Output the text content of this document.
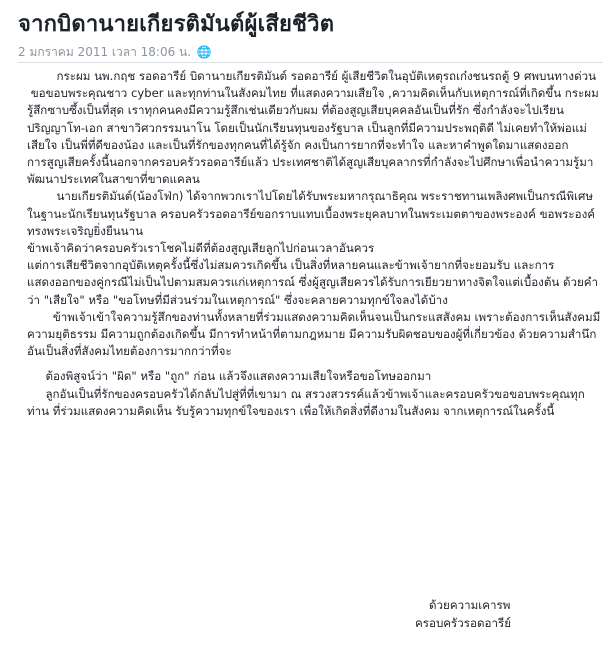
จากบิดานายเกียรติมันต์ผู้เสียชีวิต
2 มกราคม 2011 เวลา 18:06 น. 🌐

กระผม นพ.กฤช รอดอารีย์ บิดานายเกียรติมันต์ รอดอารีย์ ผู้เสียชีวิตในอุบัติเหตุรถเก๋งชนรถตู้ 9 ศพบนทางด่วน

ขอขอบพระคุณชาว cyber และทุกท่านในสังคมไทย ที่แสดงความเสียใจ ,ความคิดเห็นกับเหตุการณ์ที่เกิดขึ้น กระผมรู้สึกซาบซึ้งเป็นที่สุด เราทุกคนคงมีความรู้สึกเช่นเดียวกับผม ที่ต้องสูญเสียบุคคลอันเป็นที่รัก ซึ่งกำลังจะไปเรียนปริญญาโท-เอก สาขาวิศวกรรมนาโน โดยเป็นนักเรียนทุนของรัฐบาล เป็นลูกที่มีความประพฤติดี ไม่เคยทำให้พ่อแม่เสียใจ เป็นพี่ที่ดีของน้อง และเป็นที่รักของทุกคนที่ได้รู้จัก คงเป็นการยากที่จะทำใจ และหาคำพูดใดมาแสดงออก

การสูญเสียครั้งนี้นอกจากครอบครัวรอดอารีย์แล้ว ประเทศชาติได้สูญเสียบุคลากรที่กำลังจะไปศึกษาเพื่อนำความรู้มาพัฒนาประเทศในสาขาที่ขาดแคลน

นายเกียรติมันต์(น้องโฟ่ก) ได้จากพวกเราไปโดยได้รับพระมหากรุณาธิคุณ พระราชทานเพลิงศพเป็นกรณีพิเศษในฐานะนักเรียนทุนรัฐบาล ครอบครัวรอดอารีย์ขอกราบแทบเบื้องพระยุคลบาทในพระเมตตาของพระองค์ ขอพระองค์ทรงพระเจริญยิ่งยืนนาน

ข้าพเจ้าคิดว่าครอบครัวเราโชคไม่ดีที่ต้องสูญเสียลูกไปก่อนเวลาอันควร

แต่การเสียชีวิตจากอุบัติเหตุครั้งนี้ซึ่งไม่สมควรเกิดขึ้น เป็นสิ่งที่หลายคนและข้าพเจ้ายากที่จะยอมรับ และการแสดงออกของคู่กรณีไม่เป็นไปตามสมควรแก่เหตุการณ์ ซึ่งผู้สูญเสียควรได้รับการเยียวยาทางจิตใจแต่เบื้องต้น ด้วยคำว่า "เสียใจ" หรือ "ขอโทษที่มีส่วนร่วมในเหตุการณ์" ซึ่งจะคลายความทุกข์ใจลงได้บ้าง

ข้าพเจ้าเข้าใจความรู้สึกของท่านทั้งหลายที่ร่วมแสดงความคิดเห็นจนเป็นกระแสสังคม เพราะต้องการเห็นสังคมมีความยุติธรรม มีความถูกต้องเกิดขึ้น มีการทำหน้าที่ตามกฎหมาย มีความรับผิดชอบของผู้ที่เกี่ยวข้อง ด้วยความสำนึก อันเป็นสิ่งที่สังคมไทยต้องการมากกว่าที่จะ

ต้องพิสูจน์ว่า "ผิด" หรือ "ถูก" ก่อน แล้วจึงแสดงความเสียใจหรือขอโทษออกมา

ลูกอันเป็นที่รักของครอบครัวได้กลับไปสู่ที่ที่เขามา ณ สรวงสวรรค์แล้วข้าพเจ้าและครอบครัวขอขอบพระคุณทุกท่าน ที่ร่วมแสดงความคิดเห็น รับรู้ความทุกข์ใจของเรา เพื่อให้เกิดสิ่งที่ดีงามในสังคม จากเหตุการณ์ในครั้งนี้

ด้วยความเคารพ
ครอบครัวรอดอารีย์
